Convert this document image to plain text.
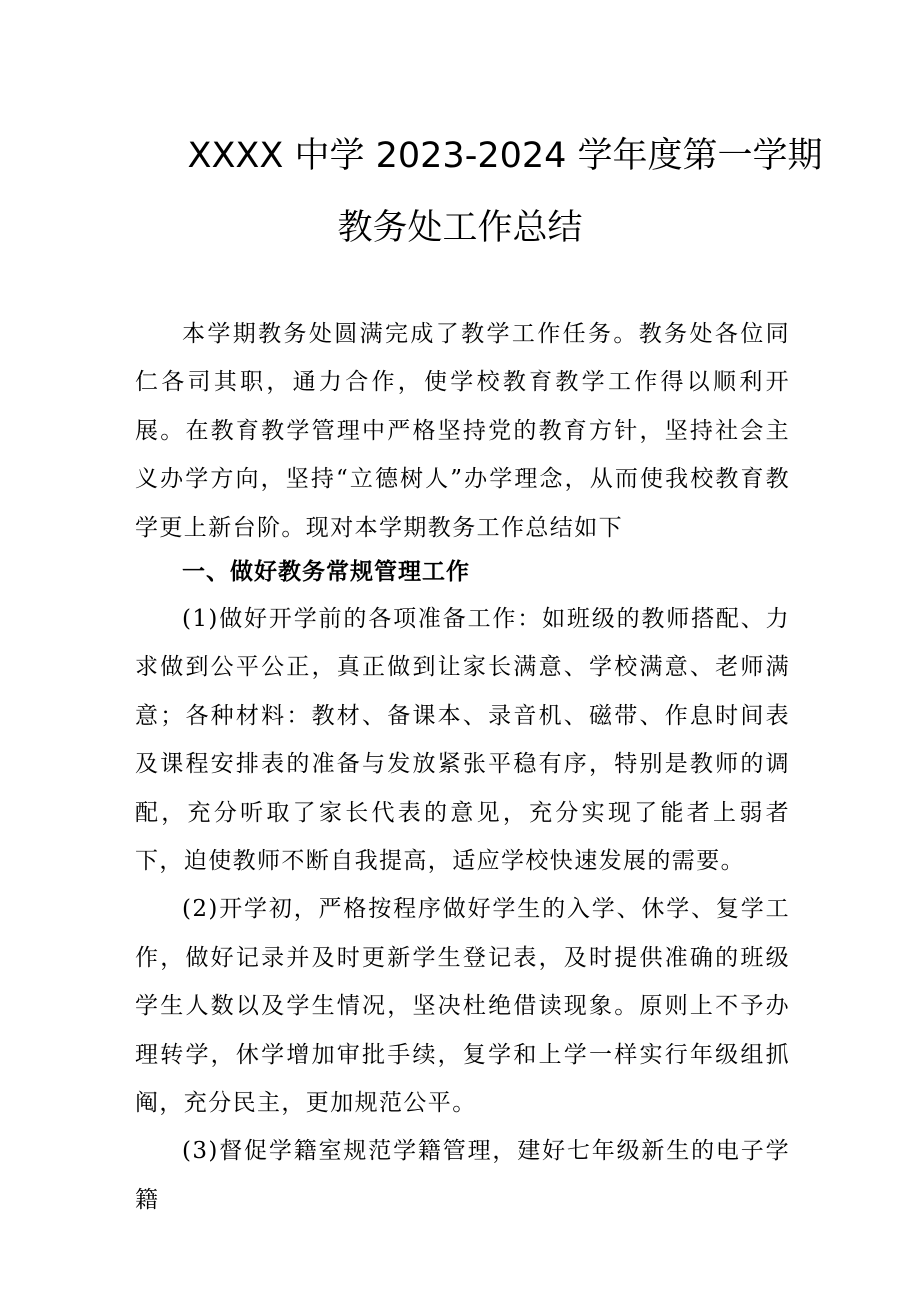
XXXX 中学 2023-2024 学年度第一学期
教务处工作总结

本学期教务处圆满完成了教学工作任务。教务处各位同仁各司其职，通力合作，使学校教育教学工作得以顺利开展。在教育教学管理中严格坚持党的教育方针，坚持社会主义办学方向，坚持“立德树人”办学理念，从而使我校教育教学更上新台阶。现对本学期教务工作总结如下

一、做好教务常规管理工作

(1)做好开学前的各项准备工作：如班级的教师搭配、力求做到公平公正，真正做到让家长满意、学校满意、老师满意；各种材料：教材、备课本、录音机、磁带、作息时间表及课程安排表的准备与发放紧张平稳有序，特别是教师的调配，充分听取了家长代表的意见，充分实现了能者上弱者下，迫使教师不断自我提高，适应学校快速发展的需要。

(2)开学初，严格按程序做好学生的入学、休学、复学工作，做好记录并及时更新学生登记表，及时提供准确的班级学生人数以及学生情况，坚决杜绝借读现象。原则上不予办理转学，休学增加审批手续，复学和上学一样实行年级组抓阄，充分民主，更加规范公平。

(3)督促学籍室规范学籍管理，建好七年级新生的电子学籍
